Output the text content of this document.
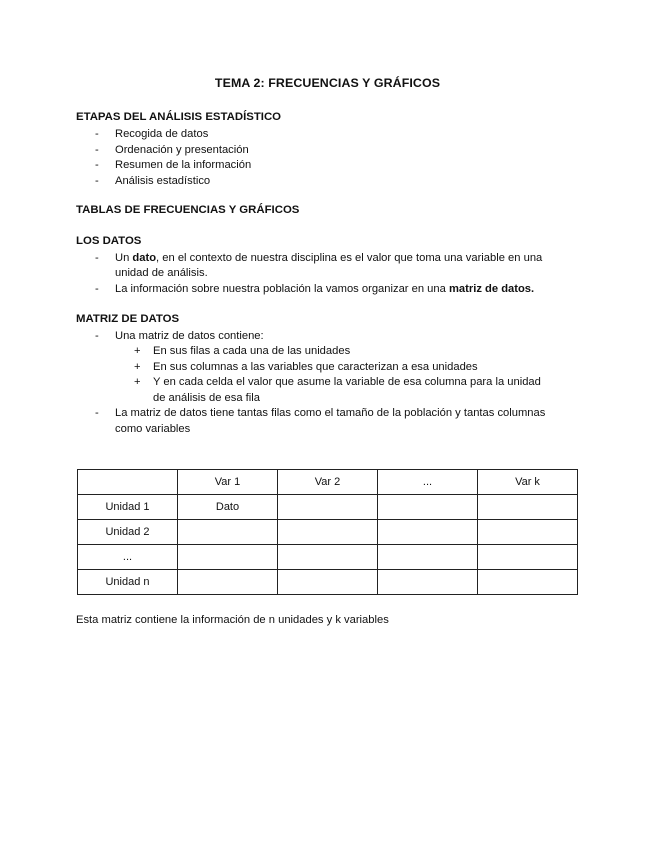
TEMA 2: FRECUENCIAS Y GRÁFICOS
ETAPAS DEL ANÁLISIS ESTADÍSTICO
- Recogida de datos
- Ordenación y presentación
- Resumen de la información
- Análisis estadístico
TABLAS DE FRECUENCIAS Y GRÁFICOS
LOS DATOS
- Un dato, en el contexto de nuestra disciplina es el valor que toma una variable en una
unidad de análisis.
- La información sobre nuestra población la vamos organizar en una matriz de datos.
MATRIZ DE DATOS
- Una matriz de datos contiene:
+ En sus filas a cada una de las unidades
+ En sus columnas a las variables que caracterizan a esa unidades
+ Y en cada celda el valor que asume la variable de esa columna para la unidad
de análisis de esa fila
- La matriz de datos tiene tantas filas como el tamaño de la población y tantas columnas
como variables
	Var 1	Var 2	...	Var k
Unidad 1	Dato			
Unidad 2				
...				
Unidad n				
Esta matriz contiene la información de n unidades y k variables
